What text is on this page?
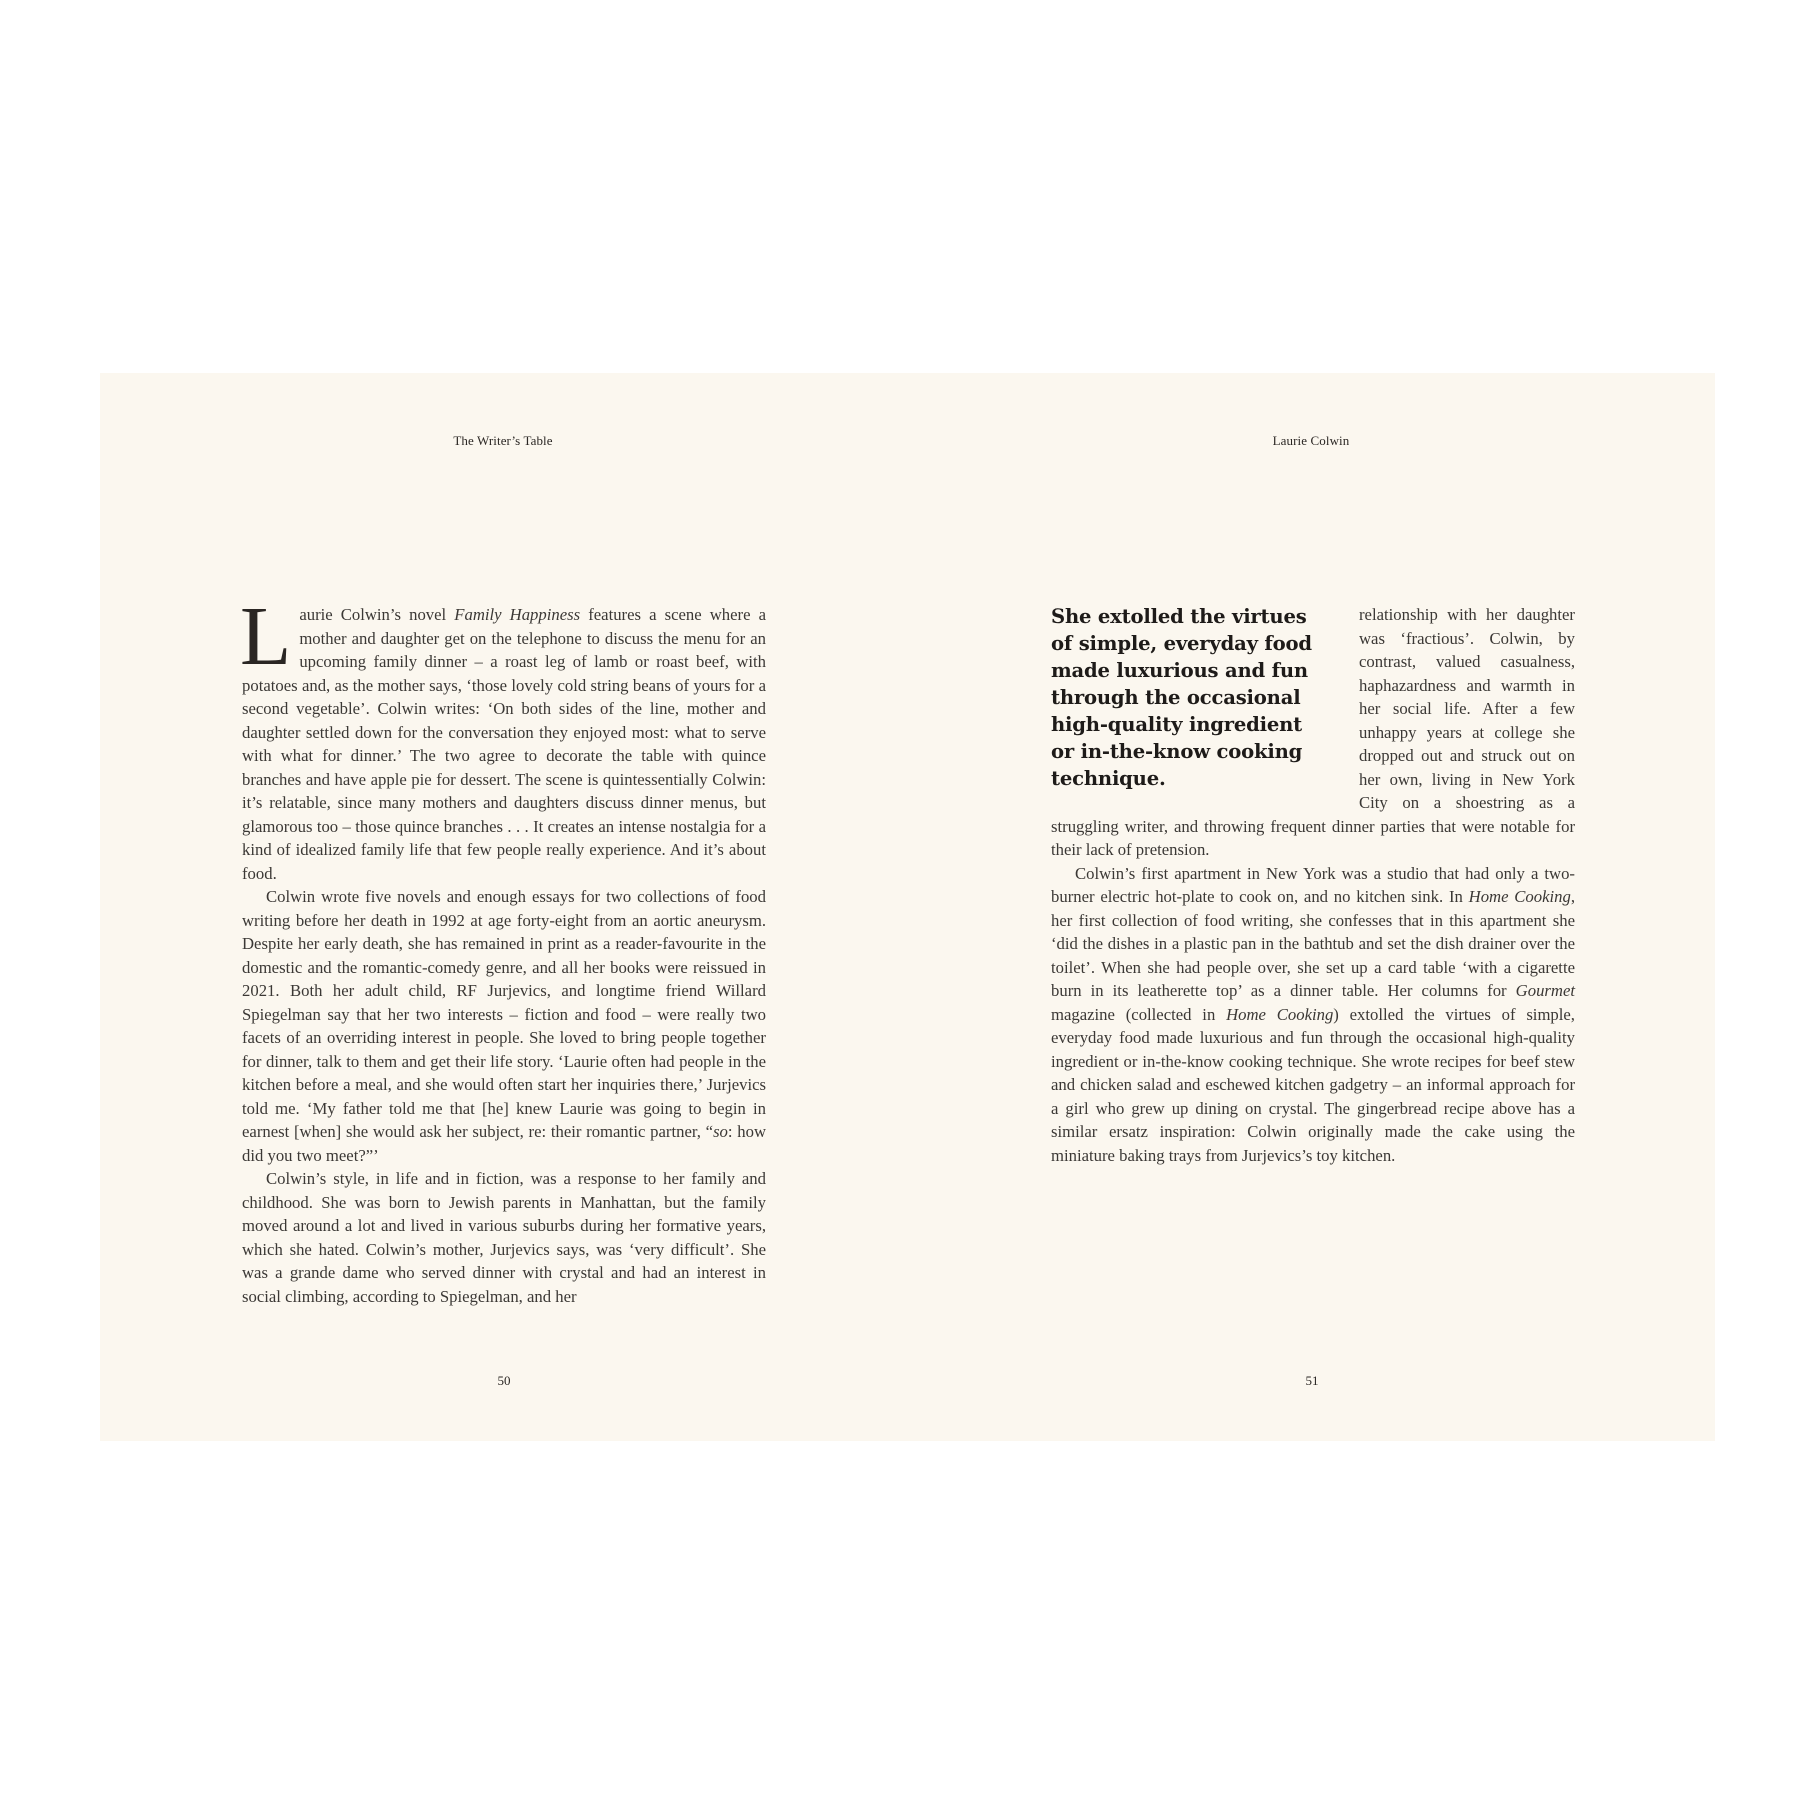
The Writer’s Table

Laurie Colwin’s novel Family Happiness features a scene where a mother and daughter get on the telephone to discuss the menu for an upcoming family dinner – a roast leg of lamb or roast beef, with potatoes and, as the mother says, ‘those lovely cold string beans of yours for a second vegetable’. Colwin writes: ‘On both sides of the line, mother and daughter settled down for the conversation they enjoyed most: what to serve with what for dinner.’ The two agree to decorate the table with quince branches and have apple pie for dessert. The scene is quintessentially Colwin: it’s relatable, since many mothers and daughters discuss dinner menus, but glamorous too – those quince branches . . . It creates an intense nostalgia for a kind of idealized family life that few people really experience. And it’s about food.

Colwin wrote five novels and enough essays for two collections of food writing before her death in 1992 at age forty-eight from an aortic aneurysm. Despite her early death, she has remained in print as a reader-favourite in the domestic and the romantic-comedy genre, and all her books were reissued in 2021. Both her adult child, RF Jurjevics, and longtime friend Willard Spiegelman say that her two interests – fiction and food – were really two facets of an overriding interest in people. She loved to bring people together for dinner, talk to them and get their life story. ‘Laurie often had people in the kitchen before a meal, and she would often start her inquiries there,’ Jurjevics told me. ‘My father told me that [he] knew Laurie was going to begin in earnest [when] she would ask her subject, re: their romantic partner, “so: how did you two meet?”’

Colwin’s style, in life and in fiction, was a response to her family and childhood. She was born to Jewish parents in Manhattan, but the family moved around a lot and lived in various suburbs during her formative years, which she hated. Colwin’s mother, Jurjevics says, was ‘very difficult’. She was a grande dame who served dinner with crystal and had an interest in social climbing, according to Spiegelman, and her

50
Laurie Colwin
She extolled the virtues of simple, everyday food made luxurious and fun through the occasional high-quality ingredient or in-the-know cooking technique.

relationship with her daughter was ‘fractious’. Colwin, by contrast, valued casualness, haphazardness and warmth in her social life. After a few unhappy years at college she dropped out and struck out on her own, living in New York City on a shoestring as a struggling writer, and throwing frequent dinner parties that were notable for their lack of pretension.

Colwin’s first apartment in New York was a studio that had only a two-burner electric hot-plate to cook on, and no kitchen sink. In Home Cooking, her first collection of food writing, she confesses that in this apartment she ‘did the dishes in a plastic pan in the bathtub and set the dish drainer over the toilet’. When she had people over, she set up a card table ‘with a cigarette burn in its leatherette top’ as a dinner table. Her columns for Gourmet magazine (collected in Home Cooking) extolled the virtues of simple, everyday food made luxurious and fun through the occasional high-quality ingredient or in-the-know cooking technique. She wrote recipes for beef stew and chicken salad and eschewed kitchen gadgetry – an informal approach for a girl who grew up dining on crystal. The gingerbread recipe above has a similar ersatz inspiration: Colwin originally made the cake using the miniature baking trays from Jurjevics’s toy kitchen.

51
